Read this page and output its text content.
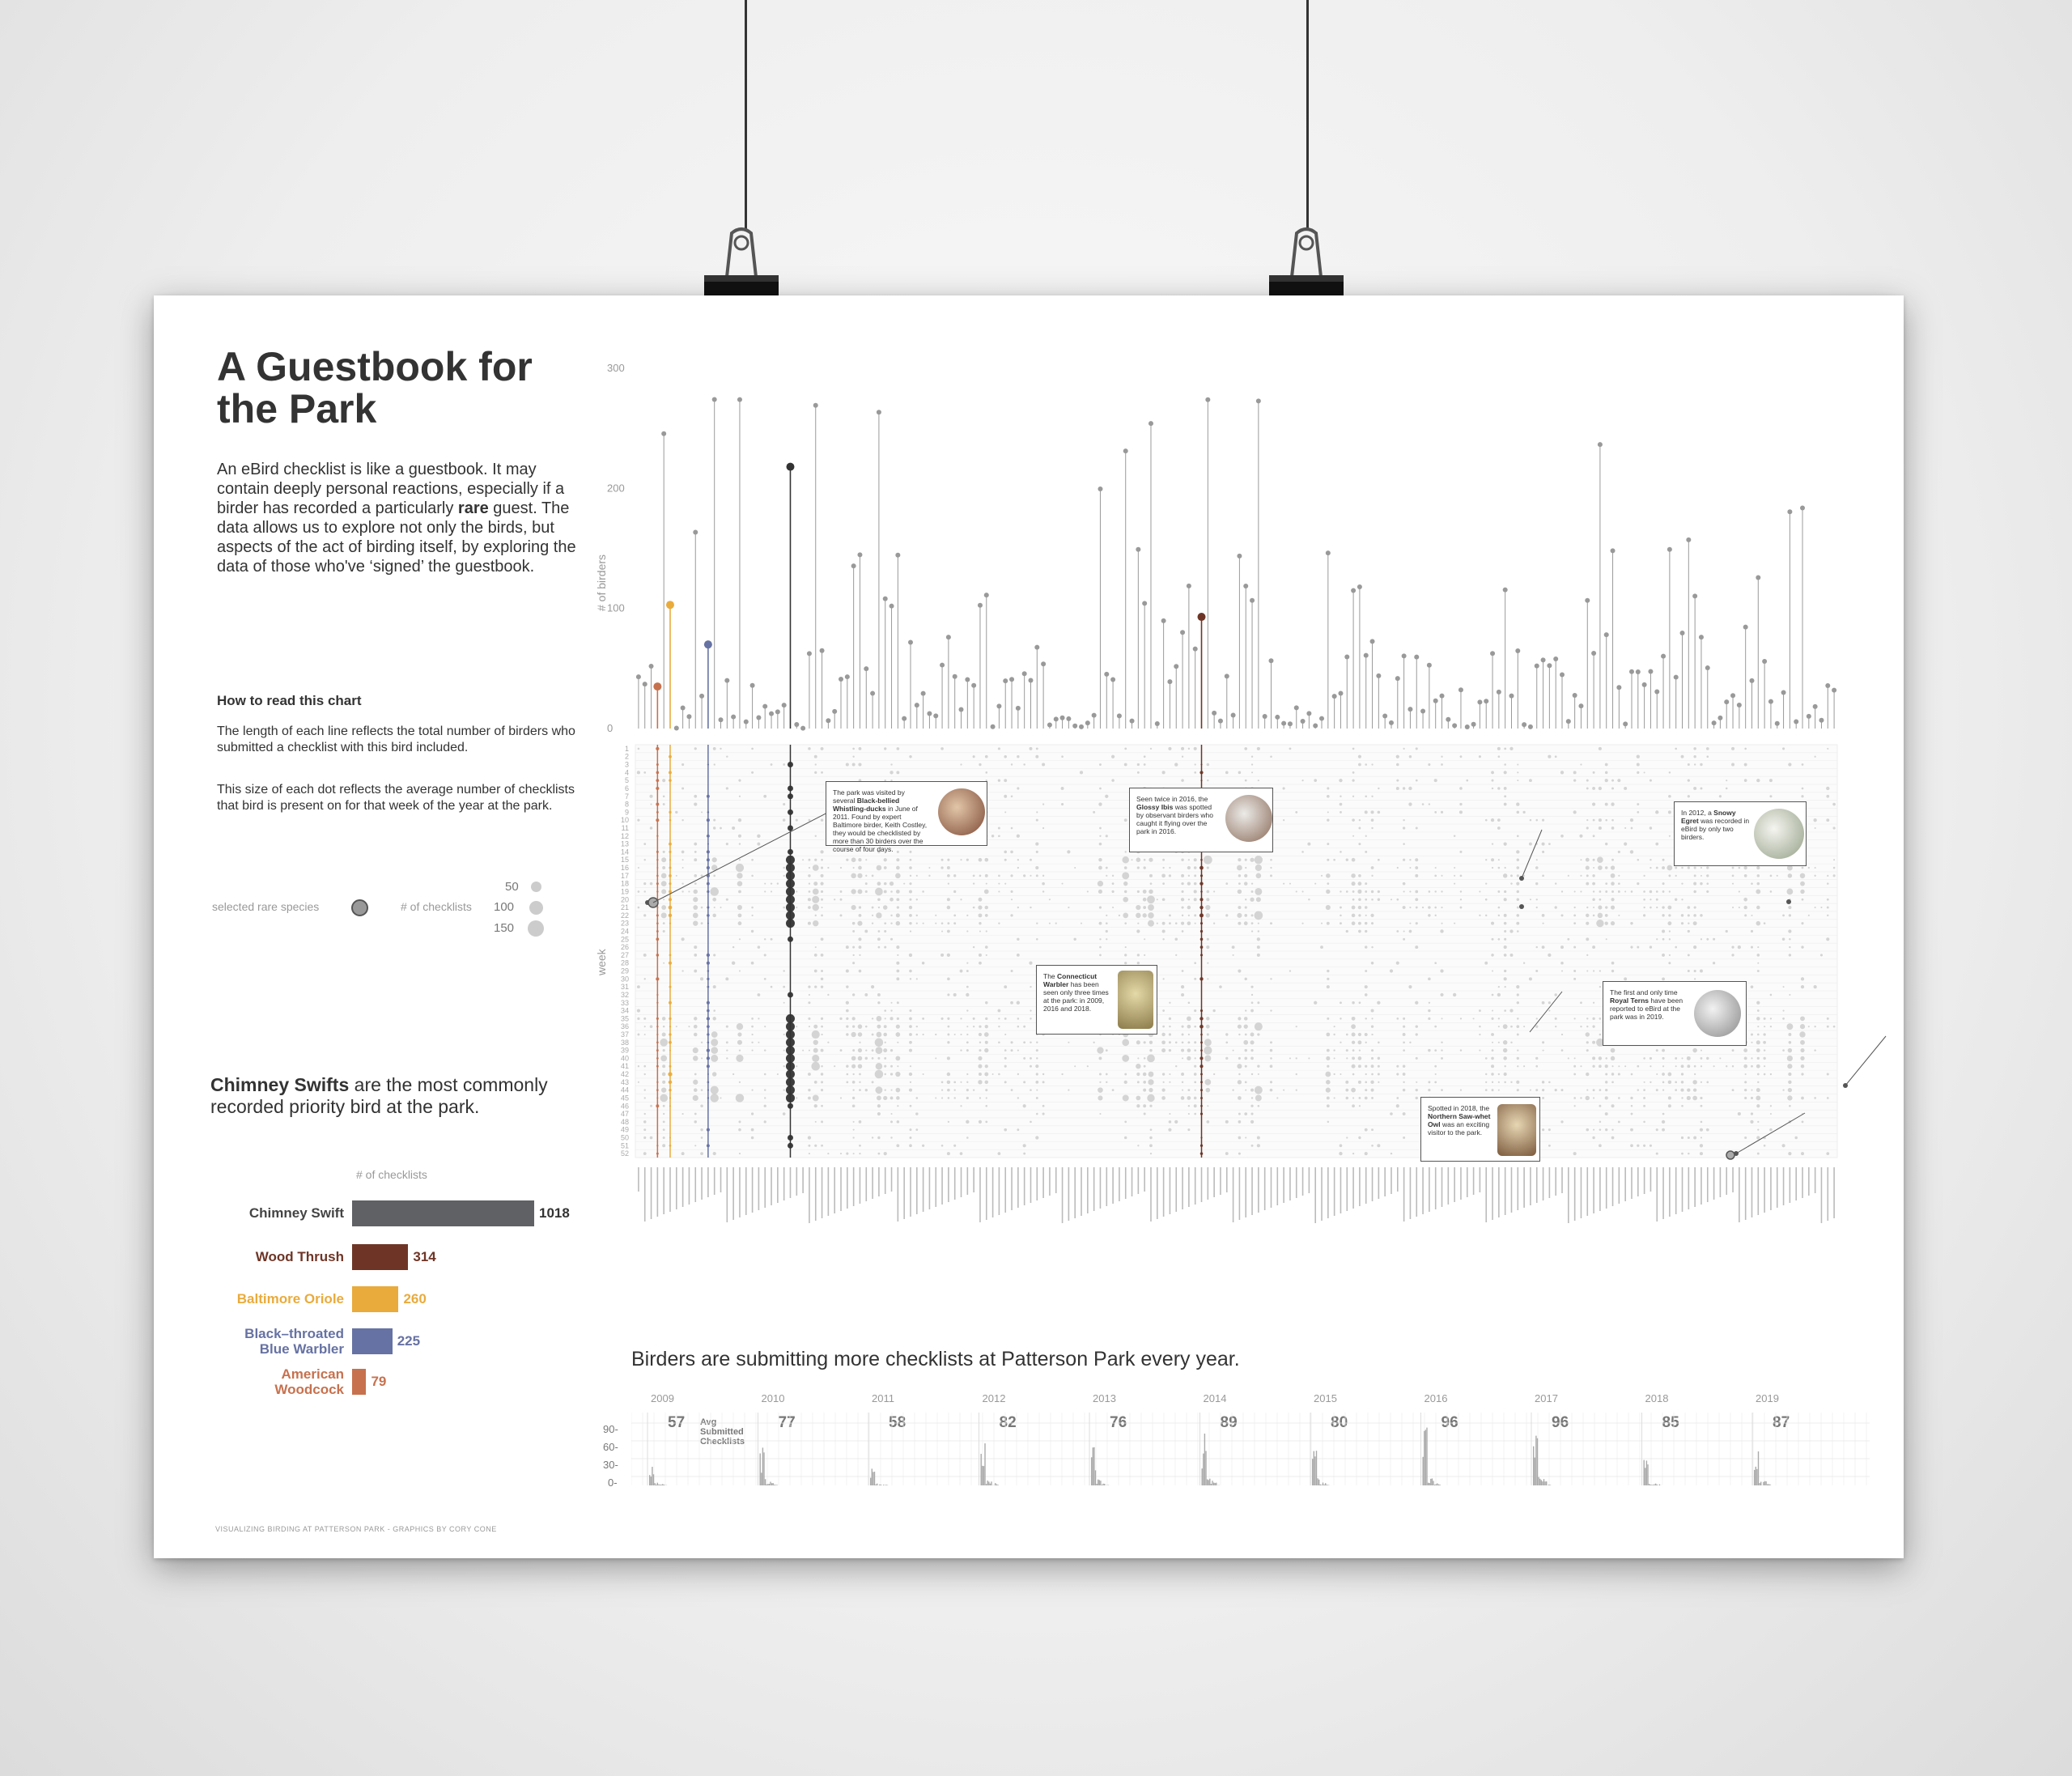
A Guestbook for the Park
An eBird checklist is like a guestbook. It may contain deeply personal reactions, especially if a birder has recorded a particularly rare guest. The data allows us to explore not only the birds, but aspects of the act of birding itself, by exploring the data of those who've ‘signed’ the guestbook.
How to read this chart
The length of each line reflects the total number of birders who submitted a checklist with this bird included.
This size of each dot reflects the average number of checklists that bird is present on for that week of the year at the park.
selected rare species	# of checklists
50
100
150
Chimney Swifts are the most commonly recorded priority bird at the park.
# of checklists
1018
Chimney Swift
314
Wood Thrush
260
Baltimore Oriole
225
Black–throated
Blue Warbler
79
American
Woodcock
300
200
100
0
# of birders
1
2
3
4
5
6
7
8
9
10
11
12
13
14
15
16
17
18
19
20
21
22
23
24
25
26
27
28
29
30
31
32
33
34
35
36
37
38
39
40
41
42
43
44
45
46
47
48
49
50
51
52
week
The park was visited by several Black-bellied Whistling-ducks in June of 2011. Found by expert Baltimore birder, Keith Costley, they would be checklisted by more than 30 birders over the course of four days.
Seen twice in 2016, the Glossy Ibis was spotted by observant birders who caught it flying over the park in 2016.
In 2012, a Snowy Egret was recorded in eBird by only two birders.
The Connecticut Warbler has been seen only three times at the park: in 2009, 2016 and 2018.
The first and only time Royal Terns have been reported to eBird at the park was in 2019.
Spotted in 2018, the Northern Saw-whet Owl was an exciting visitor to the park.
Birders are submitting more checklists at Patterson Park every year.
90-
60-
30-
0-
2009
57 Avg Submitted Checklists
2010
77
2011
58
2012
82
2013
76
2014
89
2015
80
2016
96
2017
96
2018
85
2019
87
VISUALIZING BIRDING AT PATTERSON PARK - GRAPHICS BY CORY CONE
